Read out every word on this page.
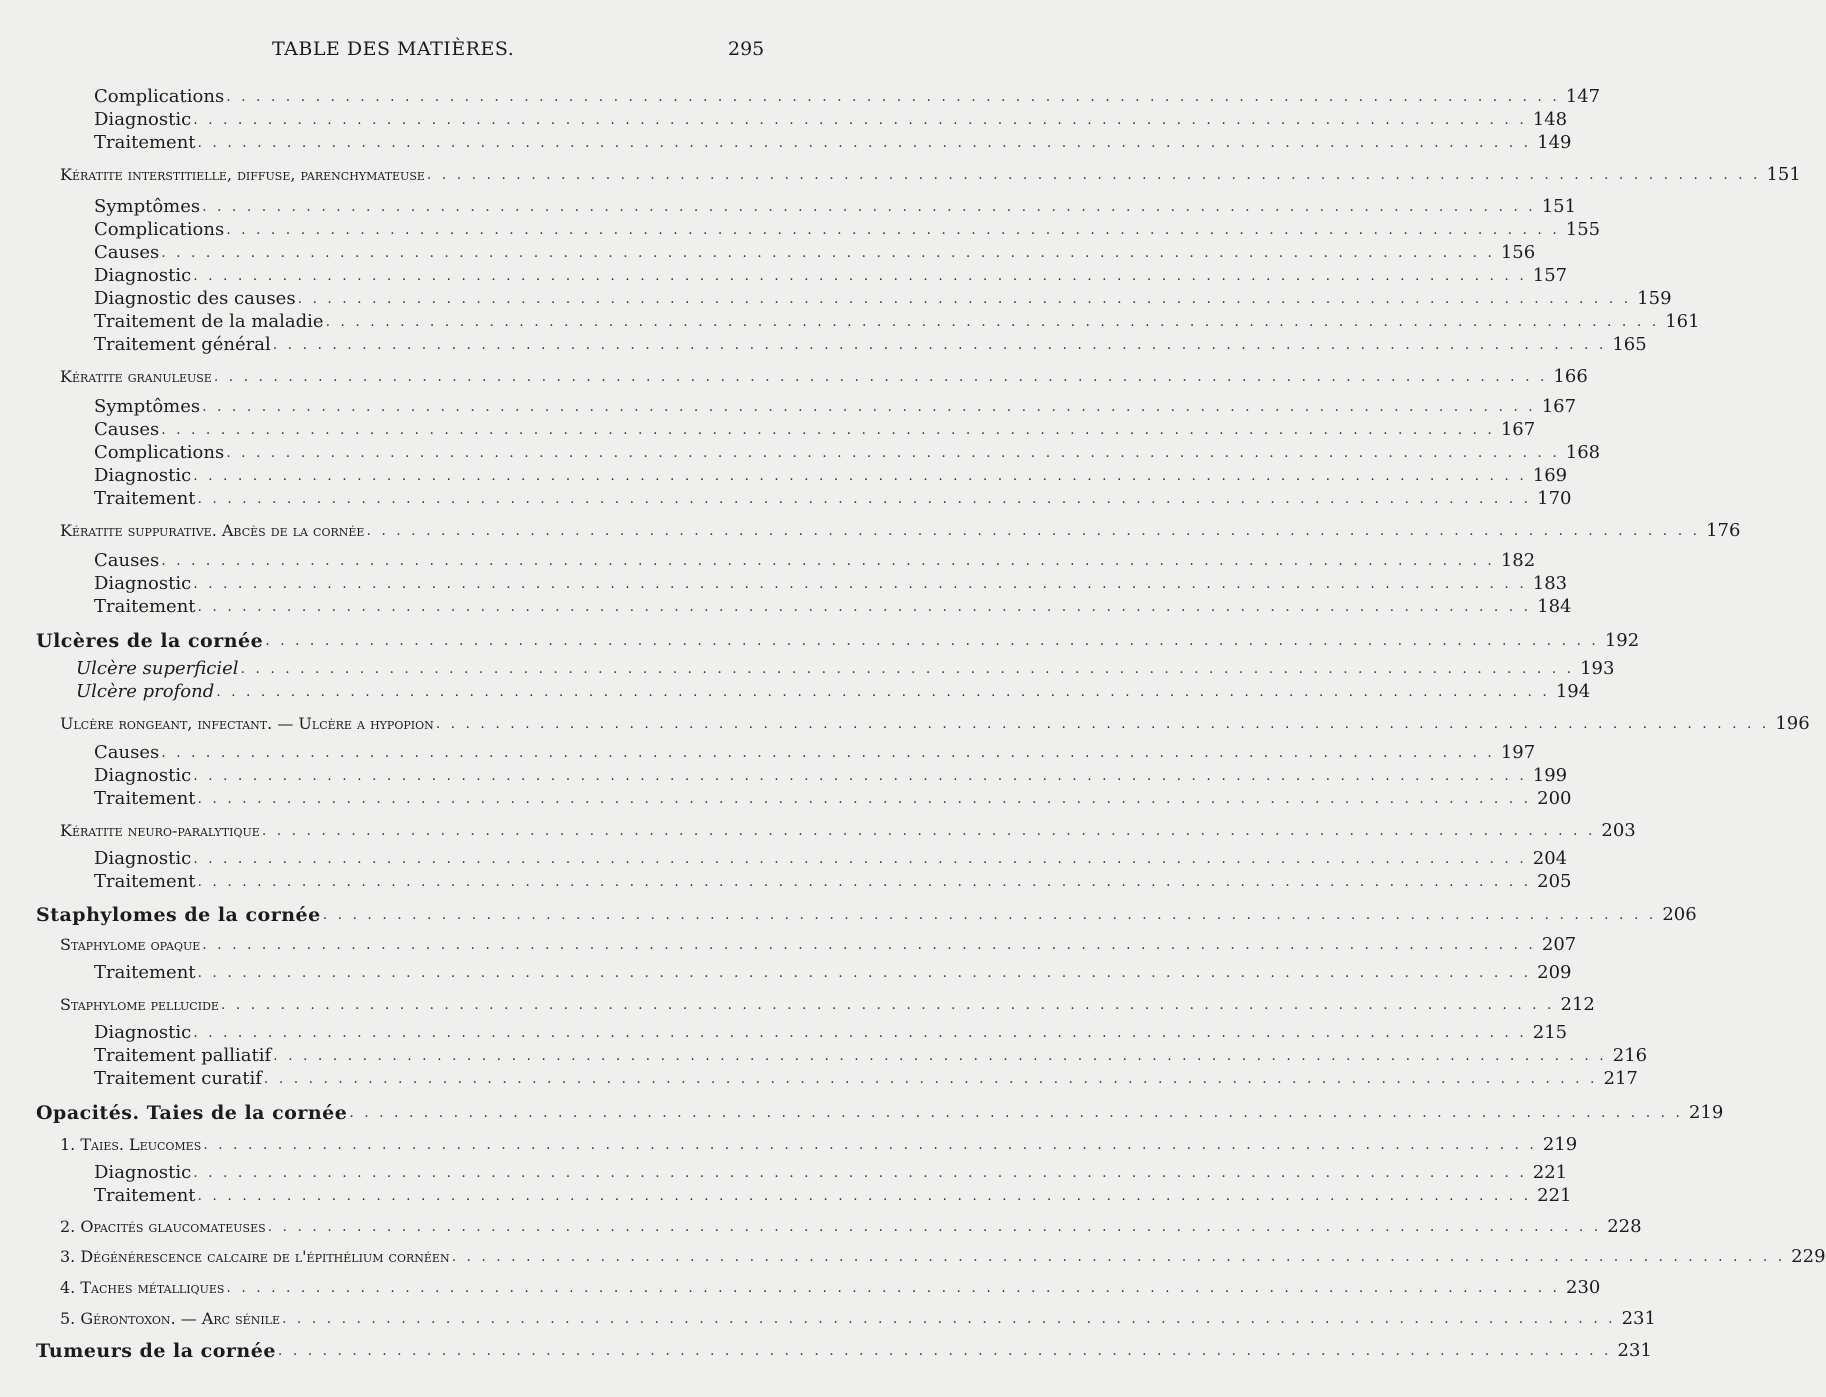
TABLE DES MATIÈRES.	295
Complications . . . . . . . . . . . . . . . . . . . . . . . . . . . . . . . . . . . . . . . . . . . . . . . . . . . . . . . . . . . . . . . . . . . . . . . . . . . . . . . . . . . . . . . . . . 147
Diagnostic . . . . . . . . . . . . . . . . . . . . . . . . . . . . . . . . . . . . . . . . . . . . . . . . . . . . . . . . . . . . . . . . . . . . . . . . . . . . . . . . . . . . . . . . . . 148
Traitement . . . . . . . . . . . . . . . . . . . . . . . . . . . . . . . . . . . . . . . . . . . . . . . . . . . . . . . . . . . . . . . . . . . . . . . . . . . . . . . . . . . . . . . . . . 149
Kératite interstitielle, diffuse, parenchymateuse . . . . . . . . . . . . . . . . . . . . . . . . . . . . . . . . . . . . . . . . . . . . . . . . . . . . . . . . . . . . . . . . . . . . . . . . . . . . . . . . . . . . . . . . . . 151
Symptômes . . . . . . . . . . . . . . . . . . . . . . . . . . . . . . . . . . . . . . . . . . . . . . . . . . . . . . . . . . . . . . . . . . . . . . . . . . . . . . . . . . . . . . . . . . 151
Complications . . . . . . . . . . . . . . . . . . . . . . . . . . . . . . . . . . . . . . . . . . . . . . . . . . . . . . . . . . . . . . . . . . . . . . . . . . . . . . . . . . . . . . . . . . 155
Causes . . . . . . . . . . . . . . . . . . . . . . . . . . . . . . . . . . . . . . . . . . . . . . . . . . . . . . . . . . . . . . . . . . . . . . . . . . . . . . . . . . . . . . . . . . 156
Diagnostic . . . . . . . . . . . . . . . . . . . . . . . . . . . . . . . . . . . . . . . . . . . . . . . . . . . . . . . . . . . . . . . . . . . . . . . . . . . . . . . . . . . . . . . . . . 157
Diagnostic des causes . . . . . . . . . . . . . . . . . . . . . . . . . . . . . . . . . . . . . . . . . . . . . . . . . . . . . . . . . . . . . . . . . . . . . . . . . . . . . . . . . . . . . . . . . . 159
Traitement de la maladie . . . . . . . . . . . . . . . . . . . . . . . . . . . . . . . . . . . . . . . . . . . . . . . . . . . . . . . . . . . . . . . . . . . . . . . . . . . . . . . . . . . . . . . . . . 161
Traitement général . . . . . . . . . . . . . . . . . . . . . . . . . . . . . . . . . . . . . . . . . . . . . . . . . . . . . . . . . . . . . . . . . . . . . . . . . . . . . . . . . . . . . . . . . . 165
Kératite granuleuse . . . . . . . . . . . . . . . . . . . . . . . . . . . . . . . . . . . . . . . . . . . . . . . . . . . . . . . . . . . . . . . . . . . . . . . . . . . . . . . . . . . . . . . . . . 166
Symptômes . . . . . . . . . . . . . . . . . . . . . . . . . . . . . . . . . . . . . . . . . . . . . . . . . . . . . . . . . . . . . . . . . . . . . . . . . . . . . . . . . . . . . . . . . . 167
Causes . . . . . . . . . . . . . . . . . . . . . . . . . . . . . . . . . . . . . . . . . . . . . . . . . . . . . . . . . . . . . . . . . . . . . . . . . . . . . . . . . . . . . . . . . . 167
Complications . . . . . . . . . . . . . . . . . . . . . . . . . . . . . . . . . . . . . . . . . . . . . . . . . . . . . . . . . . . . . . . . . . . . . . . . . . . . . . . . . . . . . . . . . . 168
Diagnostic . . . . . . . . . . . . . . . . . . . . . . . . . . . . . . . . . . . . . . . . . . . . . . . . . . . . . . . . . . . . . . . . . . . . . . . . . . . . . . . . . . . . . . . . . . 169
Traitement . . . . . . . . . . . . . . . . . . . . . . . . . . . . . . . . . . . . . . . . . . . . . . . . . . . . . . . . . . . . . . . . . . . . . . . . . . . . . . . . . . . . . . . . . . 170
Kératite suppurative. Abcès de la cornée . . . . . . . . . . . . . . . . . . . . . . . . . . . . . . . . . . . . . . . . . . . . . . . . . . . . . . . . . . . . . . . . . . . . . . . . . . . . . . . . . . . . . . . . . . 176
Causes . . . . . . . . . . . . . . . . . . . . . . . . . . . . . . . . . . . . . . . . . . . . . . . . . . . . . . . . . . . . . . . . . . . . . . . . . . . . . . . . . . . . . . . . . . 182
Diagnostic . . . . . . . . . . . . . . . . . . . . . . . . . . . . . . . . . . . . . . . . . . . . . . . . . . . . . . . . . . . . . . . . . . . . . . . . . . . . . . . . . . . . . . . . . . 183
Traitement . . . . . . . . . . . . . . . . . . . . . . . . . . . . . . . . . . . . . . . . . . . . . . . . . . . . . . . . . . . . . . . . . . . . . . . . . . . . . . . . . . . . . . . . . . 184
Ulcères de la cornée . . . . . . . . . . . . . . . . . . . . . . . . . . . . . . . . . . . . . . . . . . . . . . . . . . . . . . . . . . . . . . . . . . . . . . . . . . . . . . . . . . . . . . . . . . 192
Ulcère superficiel . . . . . . . . . . . . . . . . . . . . . . . . . . . . . . . . . . . . . . . . . . . . . . . . . . . . . . . . . . . . . . . . . . . . . . . . . . . . . . . . . . . . . . . . . . 193
Ulcère profond . . . . . . . . . . . . . . . . . . . . . . . . . . . . . . . . . . . . . . . . . . . . . . . . . . . . . . . . . . . . . . . . . . . . . . . . . . . . . . . . . . . . . . . . . . 194
Ulcère rongeant, infectant. — Ulcère a hypopion . . . . . . . . . . . . . . . . . . . . . . . . . . . . . . . . . . . . . . . . . . . . . . . . . . . . . . . . . . . . . . . . . . . . . . . . . . . . . . . . . . . . . . . . . . 196
Causes . . . . . . . . . . . . . . . . . . . . . . . . . . . . . . . . . . . . . . . . . . . . . . . . . . . . . . . . . . . . . . . . . . . . . . . . . . . . . . . . . . . . . . . . . . 197
Diagnostic . . . . . . . . . . . . . . . . . . . . . . . . . . . . . . . . . . . . . . . . . . . . . . . . . . . . . . . . . . . . . . . . . . . . . . . . . . . . . . . . . . . . . . . . . . 199
Traitement . . . . . . . . . . . . . . . . . . . . . . . . . . . . . . . . . . . . . . . . . . . . . . . . . . . . . . . . . . . . . . . . . . . . . . . . . . . . . . . . . . . . . . . . . . 200
Kératite neuro-paralytique . . . . . . . . . . . . . . . . . . . . . . . . . . . . . . . . . . . . . . . . . . . . . . . . . . . . . . . . . . . . . . . . . . . . . . . . . . . . . . . . . . . . . . . . . . 203
Diagnostic . . . . . . . . . . . . . . . . . . . . . . . . . . . . . . . . . . . . . . . . . . . . . . . . . . . . . . . . . . . . . . . . . . . . . . . . . . . . . . . . . . . . . . . . . . 204
Traitement . . . . . . . . . . . . . . . . . . . . . . . . . . . . . . . . . . . . . . . . . . . . . . . . . . . . . . . . . . . . . . . . . . . . . . . . . . . . . . . . . . . . . . . . . . 205
Staphylomes de la cornée . . . . . . . . . . . . . . . . . . . . . . . . . . . . . . . . . . . . . . . . . . . . . . . . . . . . . . . . . . . . . . . . . . . . . . . . . . . . . . . . . . . . . . . . . . 206
Staphylome opaque . . . . . . . . . . . . . . . . . . . . . . . . . . . . . . . . . . . . . . . . . . . . . . . . . . . . . . . . . . . . . . . . . . . . . . . . . . . . . . . . . . . . . . . . . . 207
Traitement . . . . . . . . . . . . . . . . . . . . . . . . . . . . . . . . . . . . . . . . . . . . . . . . . . . . . . . . . . . . . . . . . . . . . . . . . . . . . . . . . . . . . . . . . . 209
Staphylome pellucide . . . . . . . . . . . . . . . . . . . . . . . . . . . . . . . . . . . . . . . . . . . . . . . . . . . . . . . . . . . . . . . . . . . . . . . . . . . . . . . . . . . . . . . . . . 212
Diagnostic . . . . . . . . . . . . . . . . . . . . . . . . . . . . . . . . . . . . . . . . . . . . . . . . . . . . . . . . . . . . . . . . . . . . . . . . . . . . . . . . . . . . . . . . . . 215
Traitement palliatif . . . . . . . . . . . . . . . . . . . . . . . . . . . . . . . . . . . . . . . . . . . . . . . . . . . . . . . . . . . . . . . . . . . . . . . . . . . . . . . . . . . . . . . . . . 216
Traitement curatif . . . . . . . . . . . . . . . . . . . . . . . . . . . . . . . . . . . . . . . . . . . . . . . . . . . . . . . . . . . . . . . . . . . . . . . . . . . . . . . . . . . . . . . . . . 217
Opacités. Taies de la cornée . . . . . . . . . . . . . . . . . . . . . . . . . . . . . . . . . . . . . . . . . . . . . . . . . . . . . . . . . . . . . . . . . . . . . . . . . . . . . . . . . . . . . . . . . . 219
1. Taies. Leucomes . . . . . . . . . . . . . . . . . . . . . . . . . . . . . . . . . . . . . . . . . . . . . . . . . . . . . . . . . . . . . . . . . . . . . . . . . . . . . . . . . . . . . . . . . . 219
Diagnostic . . . . . . . . . . . . . . . . . . . . . . . . . . . . . . . . . . . . . . . . . . . . . . . . . . . . . . . . . . . . . . . . . . . . . . . . . . . . . . . . . . . . . . . . . . 221
Traitement . . . . . . . . . . . . . . . . . . . . . . . . . . . . . . . . . . . . . . . . . . . . . . . . . . . . . . . . . . . . . . . . . . . . . . . . . . . . . . . . . . . . . . . . . . 221
2. Opacités glaucomateuses . . . . . . . . . . . . . . . . . . . . . . . . . . . . . . . . . . . . . . . . . . . . . . . . . . . . . . . . . . . . . . . . . . . . . . . . . . . . . . . . . . . . . . . . . . 228
3. Dégénérescence calcaire de l'épithélium cornéen . . . . . . . . . . . . . . . . . . . . . . . . . . . . . . . . . . . . . . . . . . . . . . . . . . . . . . . . . . . . . . . . . . . . . . . . . . . . . . . . . . . . . . . . . . 229
4. Taches métalliques . . . . . . . . . . . . . . . . . . . . . . . . . . . . . . . . . . . . . . . . . . . . . . . . . . . . . . . . . . . . . . . . . . . . . . . . . . . . . . . . . . . . . . . . . . 230
5. Gérontoxon. — Arc sénile . . . . . . . . . . . . . . . . . . . . . . . . . . . . . . . . . . . . . . . . . . . . . . . . . . . . . . . . . . . . . . . . . . . . . . . . . . . . . . . . . . . . . . . . . . 231
Tumeurs de la cornée . . . . . . . . . . . . . . . . . . . . . . . . . . . . . . . . . . . . . . . . . . . . . . . . . . . . . . . . . . . . . . . . . . . . . . . . . . . . . . . . . . . . . . . . . . 231
